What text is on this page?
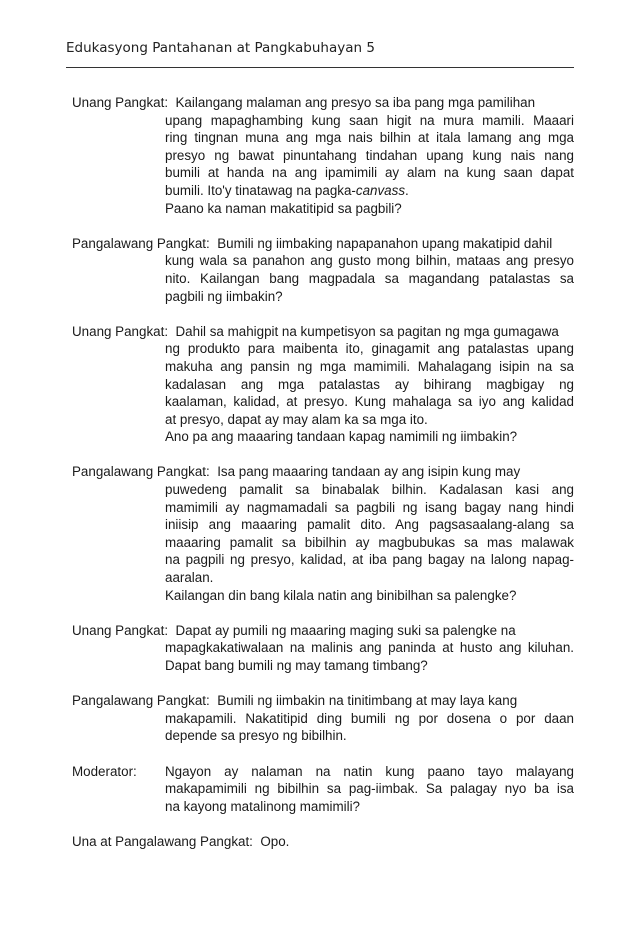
Edukasyong Pantahanan at Pangkabuhayan 5
Unang Pangkat: Kailangang malaman ang presyo sa iba pang mga pamilihan
upang mapaghambing kung saan higit na mura mamili. Maaari
ring tingnan muna ang mga nais bilhin at itala lamang ang mga
presyo ng bawat pinuntahang tindahan upang kung nais nang
bumili at handa na ang ipamimili ay alam na kung saan dapat
bumili. Ito'y tinatawag na pagka-canvass.
Paano ka naman makatitipid sa pagbili?
Pangalawang Pangkat: Bumili ng iimbaking napapanahon upang makatipid dahil
kung wala sa panahon ang gusto mong bilhin, mataas ang presyo
nito. Kailangan bang magpadala sa magandang patalastas sa
pagbili ng iimbakin?
Unang Pangkat: Dahil sa mahigpit na kumpetisyon sa pagitan ng mga gumagawa
ng produkto para maibenta ito, ginagamit ang patalastas upang
makuha ang pansin ng mga mamimili. Mahalagang isipin na sa
kadalasan ang mga patalastas ay bihirang magbigay ng
kaalaman, kalidad, at presyo. Kung mahalaga sa iyo ang kalidad
at presyo, dapat ay may alam ka sa mga ito.
Ano pa ang maaaring tandaan kapag namimili ng iimbakin?
Pangalawang Pangkat: Isa pang maaaring tandaan ay ang isipin kung may
puwedeng pamalit sa binabalak bilhin. Kadalasan kasi ang
mamimili ay nagmamadali sa pagbili ng isang bagay nang hindi
iniisip ang maaaring pamalit dito. Ang pagsasaalang-alang sa
maaaring pamalit sa bibilhin ay magbubukas sa mas malawak
na pagpili ng presyo, kalidad, at iba pang bagay na lalong napag-
aaralan.
Kailangan din bang kilala natin ang binibilhan sa palengke?
Unang Pangkat: Dapat ay pumili ng maaaring maging suki sa palengke na
mapagkakatiwalaan na malinis ang paninda at husto ang kiluhan.
Dapat bang bumili ng may tamang timbang?
Pangalawang Pangkat: Bumili ng iimbakin na tinitimbang at may laya kang
makapamili. Nakatitipid ding bumili ng por dosena o por daan
depende sa presyo ng bibilhin.
Moderator:	Ngayon ay nalaman na natin kung paano tayo malayang
makapamimili ng bibilhin sa pag-iimbak. Sa palagay nyo ba isa
na kayong matalinong mamimili?
Una at Pangalawang Pangkat: Opo.
